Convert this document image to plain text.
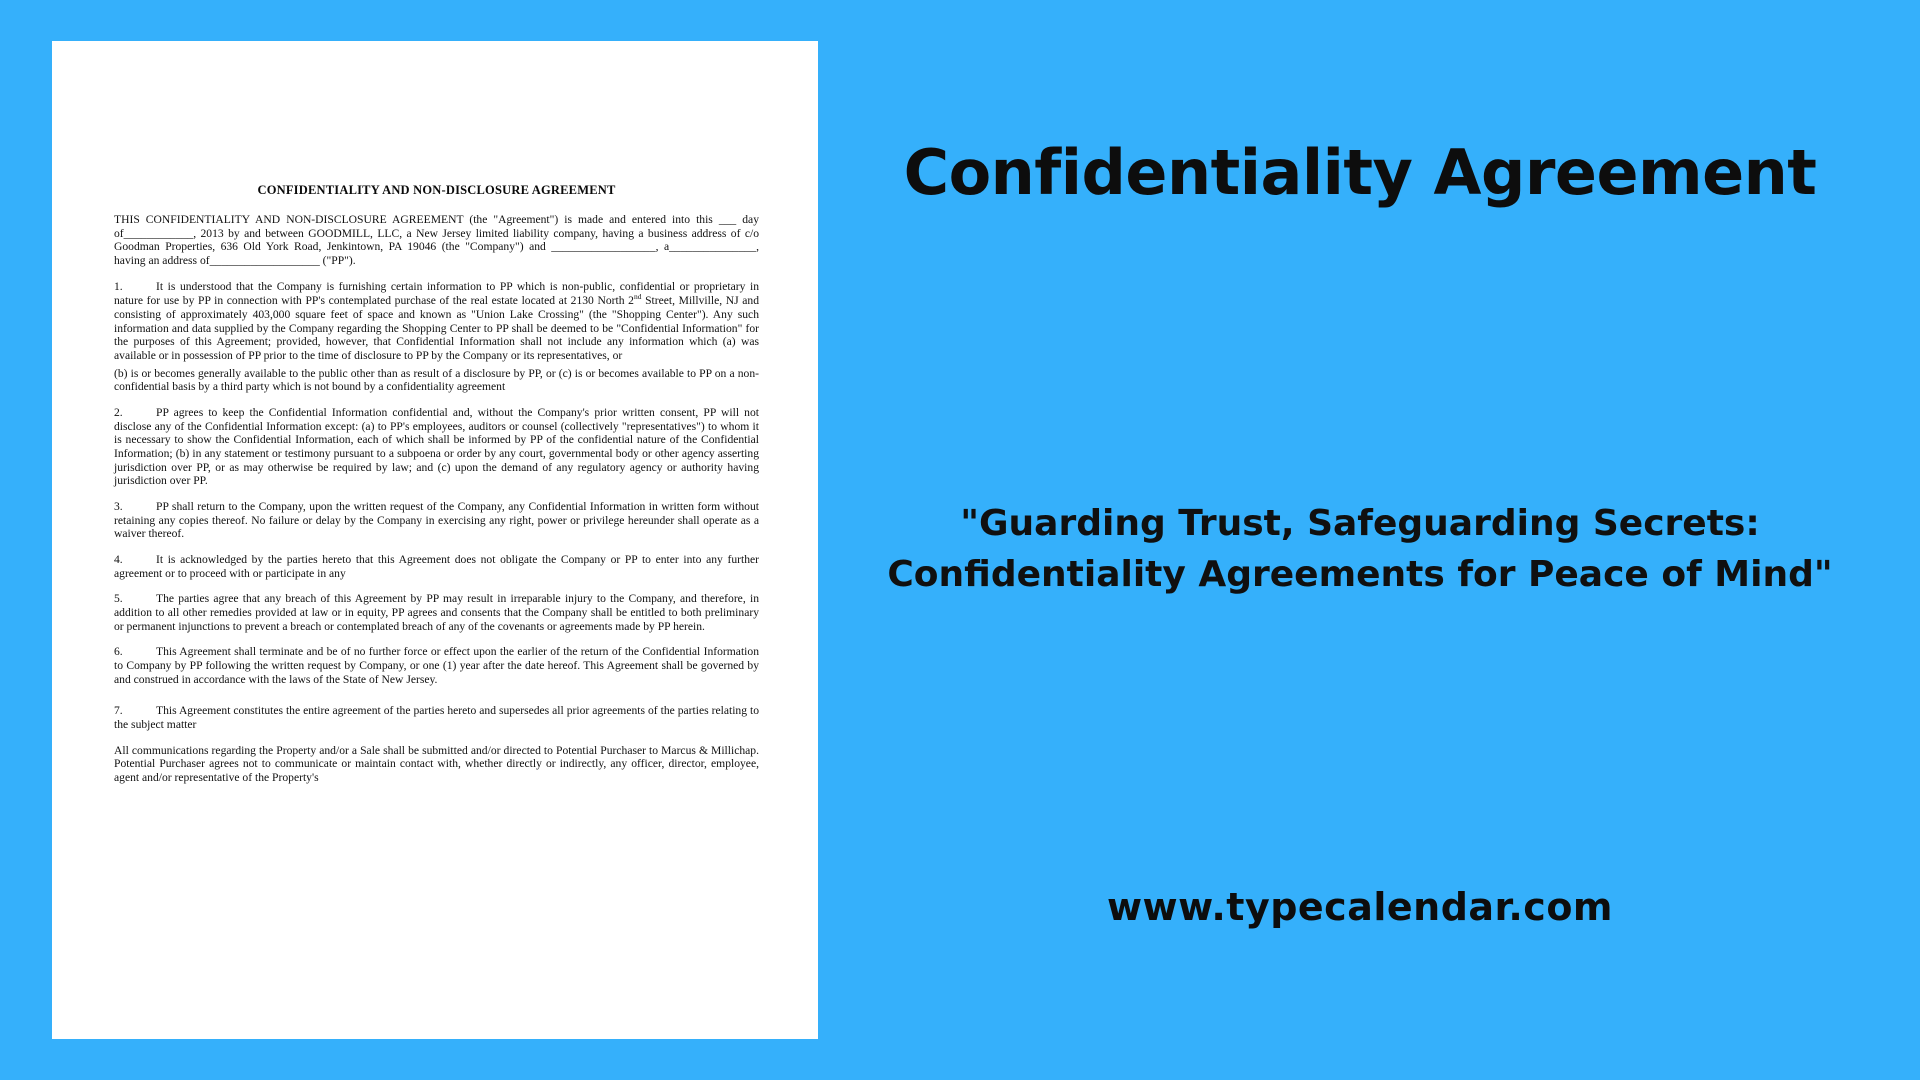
CONFIDENTIALITY AND NON-DISCLOSURE AGREEMENT

THIS CONFIDENTIALITY AND NON-DISCLOSURE AGREEMENT (the "Agreement") is made and entered into this ___ day of____________, 2013 by and between GOODMILL, LLC, a New Jersey limited liability company, having a business address of c/o Goodman Properties, 636 Old York Road, Jenkintown, PA 19046 (the "Company") and __________________, a_______________, having an address of___________________ ("PP").

1.	It is understood that the Company is furnishing certain information to PP which is non-public, confidential or proprietary in nature for use by PP in connection with PP's contemplated purchase of the real estate located at 2130 North 2nd Street, Millville, NJ and consisting of approximately 403,000 square feet of space and known as "Union Lake Crossing" (the "Shopping Center"). Any such information and data supplied by the Company regarding the Shopping Center to PP shall be deemed to be "Confidential Information" for the purposes of this Agreement; provided, however, that Confidential Information shall not include any information which (a) was available or in possession of PP prior to the time of disclosure to PP by the Company or its representatives, or

(b) is or becomes generally available to the public other than as result of a disclosure by PP, or (c) is or becomes available to PP on a non-confidential basis by a third party which is not bound by a confidentiality agreement

2.	PP agrees to keep the Confidential Information confidential and, without the Company's prior written consent, PP will not disclose any of the Confidential Information except: (a) to PP's employees, auditors or counsel (collectively "representatives") to whom it is necessary to show the Confidential Information, each of which shall be informed by PP of the confidential nature of the Confidential Information; (b) in any statement or testimony pursuant to a subpoena or order by any court, governmental body or other agency asserting jurisdiction over PP, or as may otherwise be required by law; and (c) upon the demand of any regulatory agency or authority having jurisdiction over PP.

3.	PP shall return to the Company, upon the written request of the Company, any Confidential Information in written form without retaining any copies thereof. No failure or delay by the Company in exercising any right, power or privilege hereunder shall operate as a waiver thereof.

4.	It is acknowledged by the parties hereto that this Agreement does not obligate the Company or PP to enter into any further agreement or to proceed with or participate in any

5.	The parties agree that any breach of this Agreement by PP may result in irreparable injury to the Company, and therefore, in addition to all other remedies provided at law or in equity, PP agrees and consents that the Company shall be entitled to both preliminary or permanent injunctions to prevent a breach or contemplated breach of any of the covenants or agreements made by PP herein.

6.	This Agreement shall terminate and be of no further force or effect upon the earlier of the return of the Confidential Information to Company by PP following the written request by Company, or one (1) year after the date hereof. This Agreement shall be governed by and construed in accordance with the laws of the State of New Jersey.

7.	This Agreement constitutes the entire agreement of the parties hereto and supersedes all prior agreements of the parties relating to the subject matter

All communications regarding the Property and/or a Sale shall be submitted and/or directed to Potential Purchaser to Marcus & Millichap. Potential Purchaser agrees not to communicate or maintain contact with, whether directly or indirectly, any officer, director, employee, agent and/or representative of the Property's

Confidentiality Agreement
"Guarding Trust, Safeguarding Secrets: Confidentiality Agreements for Peace of Mind"
www.typecalendar.com
